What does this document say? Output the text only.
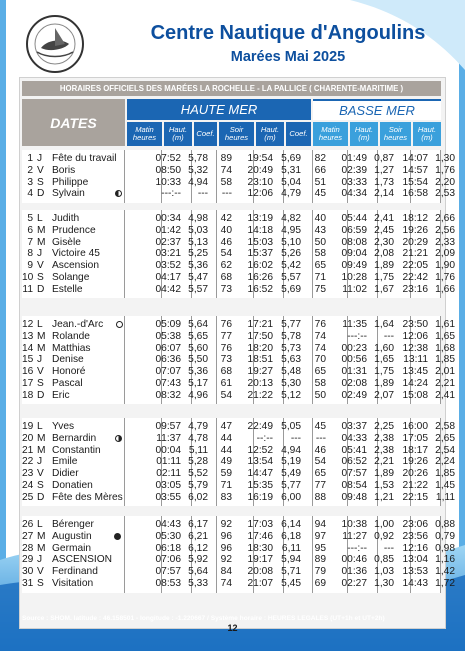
Centre Nautique d'Angoulins
Marées Mai 2025
HORAIRES OFFICIELS DES MARÉES LA ROCHELLE - LA PALLICE ( CHARENTE-MARITIME )
DATES
HAUTE MER	BASSE MER
Matin heures
Haut. (m)	Coef.	Soir heures
Haut. (m)	Coef.	Matin heures
Haut. (m)
Soir heures
Haut. (m)
1 J Fête du travail	07:52 5,78	89	19:54 5,69	82	01:49 0,87 14:07 1,30
2 V Boris	08:50 5,32	74	20:49 5,31	66	02:39 1,27 14:57 1,76
3 S Philippe	10:33 4,94	58	23:10 5,04	51	03:33 1,73 15:54 2,20
4 D Sylvain	---:--	---	---	12:06 4,79	45	04:34 2,14 16:58 2,53
5 L Judith	00:34 4,98	42	13:19 4,82	40	05:44 2,41 18:12 2,66
6 M Prudence	01:42 5,03	40	14:18 4,95	43	06:59 2,45 19:26 2,56
7 M Gisèle	02:37 5,13	46	15:03 5,10	50	08:08 2,30 20:29 2,33
8 J Victoire 45	03:21 5,25	54	15:37 5,26	58	09:04 2,08 21:21 2,09
9 V Ascension	03:52 5,36	62	16:02 5,42	65	09:49 1,89 22:05 1,90
10 S Solange	04:17 5,47	68	16:26 5,57	71	10:28 1,75 22:42 1,76
11 D Estelle	04:42 5,57	73	16:52 5,69	75	11:02 1,67 23:16 1,66
12 L Jean.-d'Arc	05:09 5,64	76	17:21 5,77	76	11:35 1,64 23:50 1,61
13 M Rolande	05:38 5,65	77	17:50 5,78	74	---:--	--- 12:06 1,65
14 M Matthias	06:07 5,60	76	18:20 5,73	74	00:23 1,60 12:38 1,68
15 J Denise	06:36 5,50	73	18:51 5,63	70	00:56 1,65 13:11 1,85
16 V Honoré	07:07 5,36	68	19:27 5,48	65	01:31 1,75 13:45 2,01
17 S Pascal	07:43 5,17	61	20:13 5,30	58	02:08 1,89 14:24 2,21
18 D Eric	08:32 4,96	54	21:22 5,12	50	02:49 2,07 15:08 2,41
19 L Yves	09:57 4,79	47	22:49 5,05	45	03:37 2,25 16:00 2,58
20 M Bernardin	11:37 4,78	44	--:--	---	---	04:33 2,38 17:05 2,65
21 M Constantin	00:04 5,11	44	12:52 4,94	46	05:41 2,38 18:17 2,54
22 J Emile	01:11 5,28	49	13:54 5,19	54	06:52 2,21 19:26 2,24
23 V Didier	02:11 5,52	59	14:47 5,49	65	07:57 1,89 20:26 1,85
24 S Donatien	03:05 5,79	71	15:35 5,77	77	08:54 1,53 21:22 1,45
25 D Fête des Mères	03:55 6,02	83	16:19 6,00	88	09:48 1,21 22:15 1,11
26 L Bérenger	04:43 6,17	92	17:03 6,14	94	10:38 1,00 23:06 0,88
27 M Augustin	05:30 6,21	96	17:46 6,18	97	11:27 0,92 23:56 0,79
28 M Germain	06:18 6,12	96	18:30 6,11	95	---:--	--- 12:16 0,98
29 J ASCENSION	07:06 5,92	92	19:17 5,94	89	00:46 0,85 13:04 1,16
30 V Ferdinand	07:57 5,64	84	20:08 5,71	79	01:36 1,03 13:53 1,42
31 S Visitation	08:53 5,33	74	21:07 5,45	69	02:27 1,30 14:43 1,72
Source : SHOM. latitude : 46.158501 - longitude : -1.220667 / Système horaire : HEURES LEGALES (UT+1h et UT+2h)
12
